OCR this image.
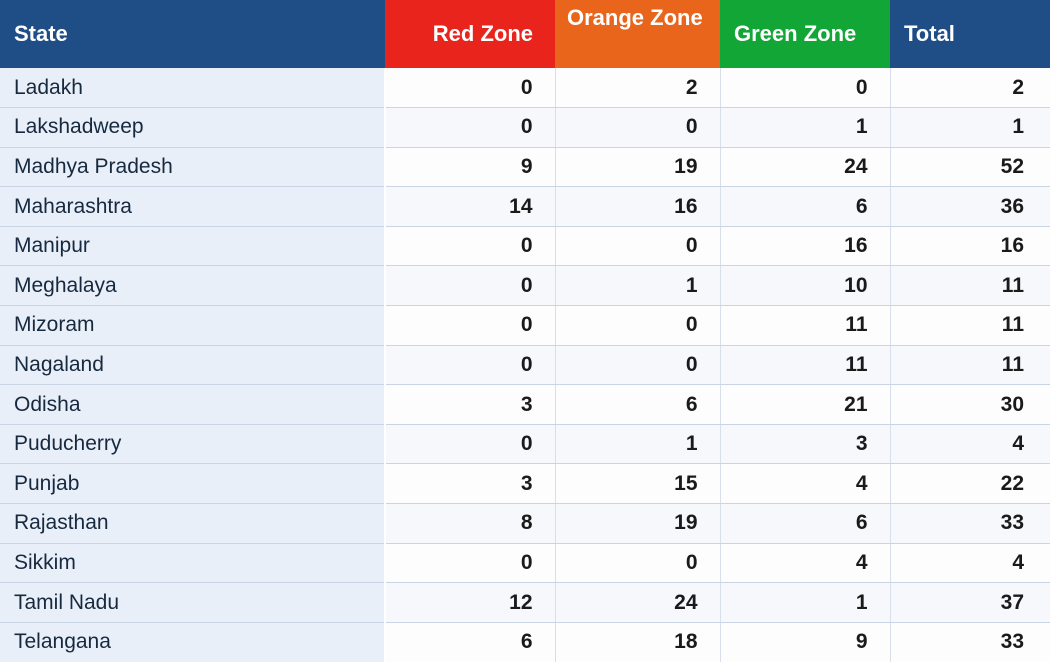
State	Red Zone	Orange Zone	Green Zone	Total
Ladakh	0	2	0	2
Lakshadweep	0	0	1	1
Madhya Pradesh	9	19	24	52
Maharashtra	14	16	6	36
Manipur	0	0	16	16
Meghalaya	0	1	10	11
Mizoram	0	0	11	11
Nagaland	0	0	11	11
Odisha	3	6	21	30
Puducherry	0	1	3	4
Punjab	3	15	4	22
Rajasthan	8	19	6	33
Sikkim	0	0	4	4
Tamil Nadu	12	24	1	37
Telangana	6	18	9	33
